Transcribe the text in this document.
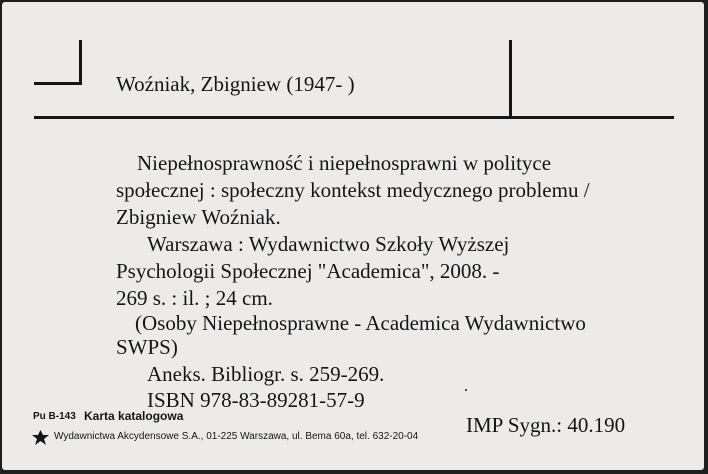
Woźniak, Zbigniew (1947- )
Niepełnosprawność i niepełnosprawni w polityce
społecznej : społeczny kontekst medycznego problemu /
Zbigniew Woźniak.
Warszawa : Wydawnictwo Szkoły Wyższej
Psychologii Społecznej "Academica", 2008. -
269 s. : il. ; 24 cm.
(Osoby Niepełnosprawne - Academica Wydawnictwo
SWPS)
Aneks. Bibliogr. s. 259-269.
ISBN 978-83-89281-57-9
Pu B-143 Karta katalogowa
Wydawnictwa Akcydensowe S.A., 01-225 Warszawa, ul. Bema 60a, tel. 632-20-04 IMP Sygn.: 40.190
